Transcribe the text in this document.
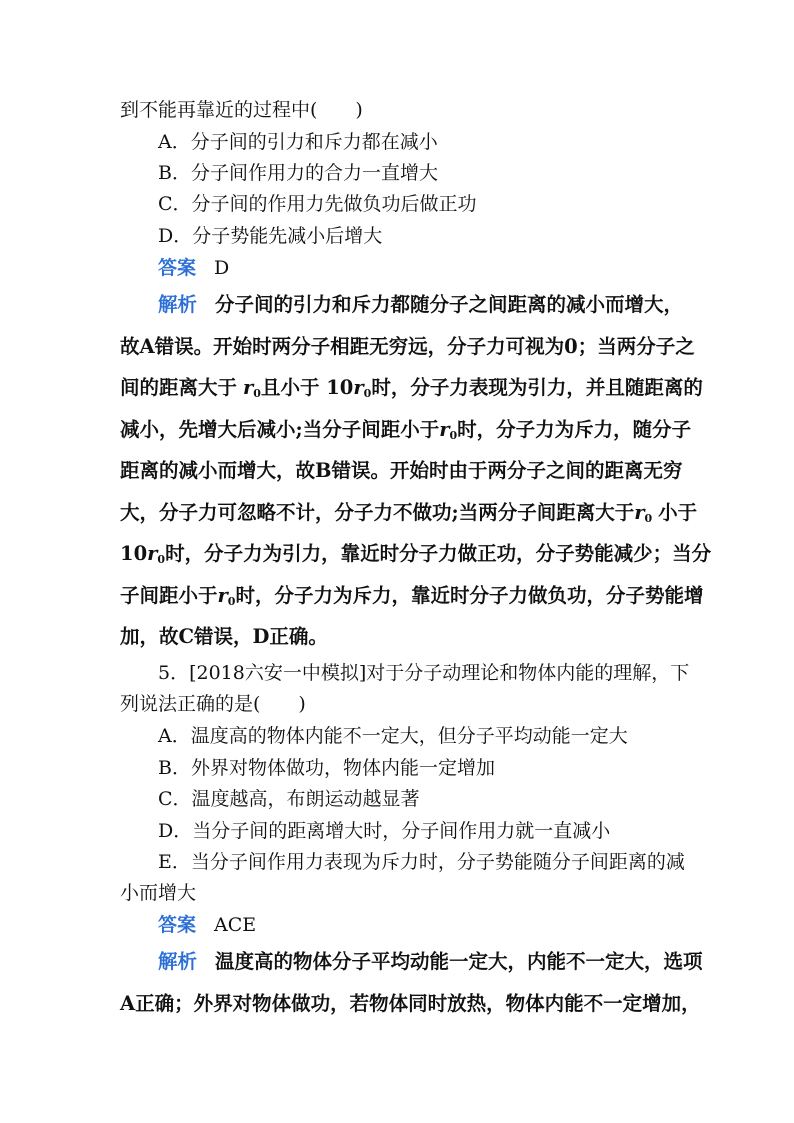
到不能再靠近的过程中(　　)
A．分子间的引力和斥力都在减小
B．分子间作用力的合力一直增大
C．分子间的作用力先做负功后做正功
D．分子势能先减小后增大
答案 D
解析 分子间的引力和斥力都随分子之间距离的减小而增大，
故A错误。开始时两分子相距无穷远，分子力可视为0；当两分子之
间的距离大于 $r_0$且小于 $10r_0$时，分子力表现为引力，并且随距离的
减小，先增大后减小;当分子间距小于$r_0$时，分子力为斥力，随分子
距离的减小而增大，故B错误。开始时由于两分子之间的距离无穷
大，分子力可忽略不计，分子力不做功;当两分子间距离大于$r_0$ 小于
$10r_0$时，分子力为引力，靠近时分子力做正功，分子势能减少；当分
子间距小于$r_0$时，分子力为斥力，靠近时分子力做负功，分子势能增
加，故C错误，D正确。
5．[2018六安一中模拟]对于分子动理论和物体内能的理解，下
列说法正确的是(　　)
A．温度高的物体内能不一定大，但分子平均动能一定大
B．外界对物体做功，物体内能一定增加
C．温度越高，布朗运动越显著
D．当分子间的距离增大时，分子间作用力就一直减小
E．当分子间作用力表现为斥力时，分子势能随分子间距离的减
小而增大
答案 ACE
解析 温度高的物体分子平均动能一定大，内能不一定大，选项
A正确；外界对物体做功，若物体同时放热，物体内能不一定增加，
